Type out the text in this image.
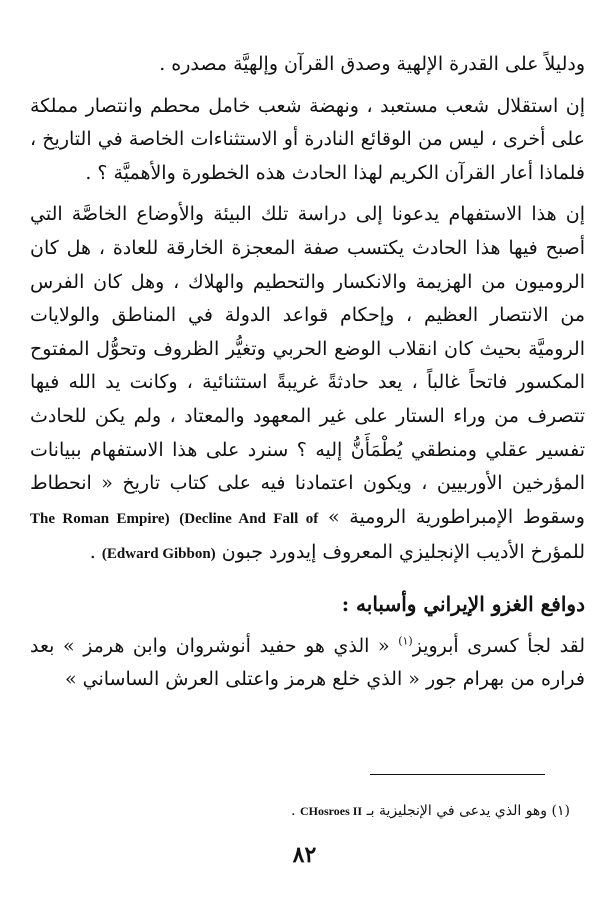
ودليلاً على القدرة الإلهية وصدق القرآن وإلهيَّة مصدره .

إن استقلال شعب مستعبد ، ونهضة شعب خامل محطم وانتصار مملكة على أخرى ، ليس من الوقائع النادرة أو الاستثناءات الخاصة في التاريخ ، فلماذا أعار القرآن الكريم لهذا الحادث هذه الخطورة والأهميَّة ؟ .

إن هذا الاستفهام يدعونا إلى دراسة تلك البيئة والأوضاع الخاصَّة التي أصبح فيها هذا الحادث يكتسب صفة المعجزة الخارقة للعادة ، هل كان الروميون من الهزيمة والانكسار والتحطيم والهلاك ، وهل كان الفرس من الانتصار العظيم ، وإحكام قواعد الدولة في المناطق والولايات الروميَّة بحيث كان انقلاب الوضع الحربي وتغيُّر الظروف وتحوُّل المفتوح المكسور فاتحاً غالباً ، يعد حادثةً غريبةً استثنائية ، وكانت يد الله فيها تتصرف من وراء الستار على غير المعهود والمعتاد ، ولم يكن للحادث تفسير عقلي ومنطقي يُطْمَأَنُّ إليه ؟ سنرد على هذا الاستفهام ببيانات المؤرخين الأوربيين ، ويكون اعتمادنا فيه على كتاب تاريخ « انحطاط وسقوط الإمبراطورية الرومية » (Decline And Fall of The Roman Empire) للمؤرخ الأديب الإنجليزي المعروف إيدورد جبون (Edward Gibbon) .

دوافع الغزو الإيراني وأسبابه :

لقد لجأ كسرى أبرويز$^{(١)}$ « الذي هو حفيد أنوشروان وابن هرمز » بعد فراره من بهرام جور « الذي خلع هرمز واعتلى العرش الساساني »

(١) وهو الذي يدعى في الإنجليزية بـ CHosroes II .
٨٢
